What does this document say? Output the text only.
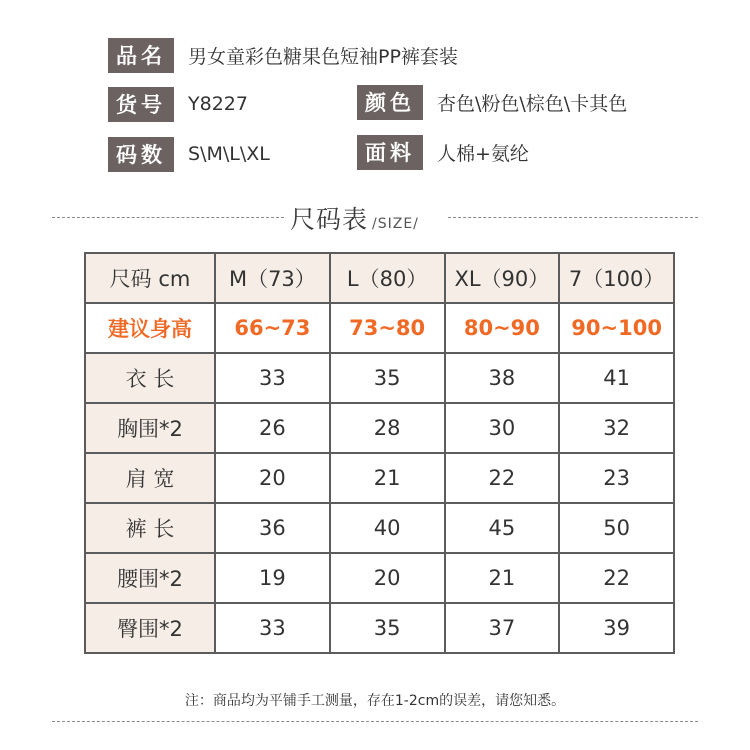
品名	男女童彩色糖果色短袖PP裤套装
货号	Y8227	颜色	杏色\粉色\棕色\卡其色
码数	S\M\L\XL	面料	人棉+氨纶
尺码表 /SIZE/
尺码 cm	M（73）	L（80）	XL（90）	7（100）
建议身高	66~73	73~80	80~90	90~100
衣 长	33	35	38	41
胸围*2	26	28	30	32
肩 宽	20	21	22	23
裤 长	36	40	45	50
腰围*2	19	20	21	22
臀围*2	33	35	37	39
注：商品均为平铺手工测量，存在1-2cm的误差，请您知悉。
